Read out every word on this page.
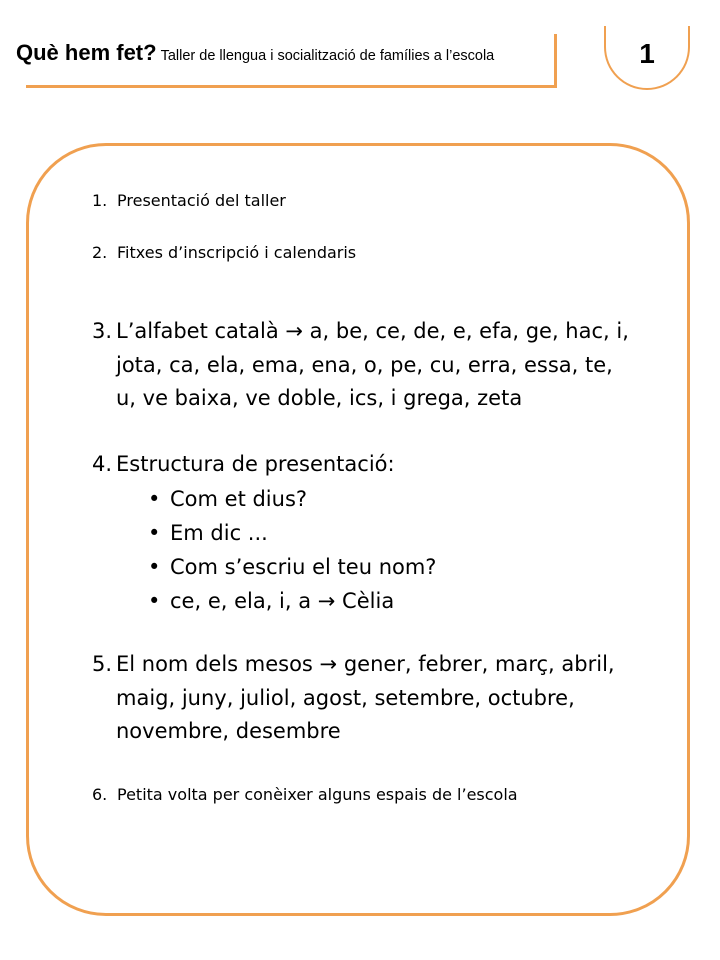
Què hem fet? Taller de llengua i socialització de famílies a l’escola	1
1. Presentació del taller
2. Fitxes d’inscripció i calendaris
3. L’alfabet català → a, be, ce, de, e, efa, ge, hac, i,
jota, ca, ela, ema, ena, o, pe, cu, erra, essa, te,
u, ve baixa, ve doble, ics, i grega, zeta
4. Estructura de presentació:
• Com et dius?
• Em dic ...
• Com s’escriu el teu nom?
• ce, e, ela, i, a → Cèlia
5. El nom dels mesos → gener, febrer, març, abril,
maig, juny, juliol, agost, setembre, octubre,
novembre, desembre
6. Petita volta per conèixer alguns espais de l’escola
